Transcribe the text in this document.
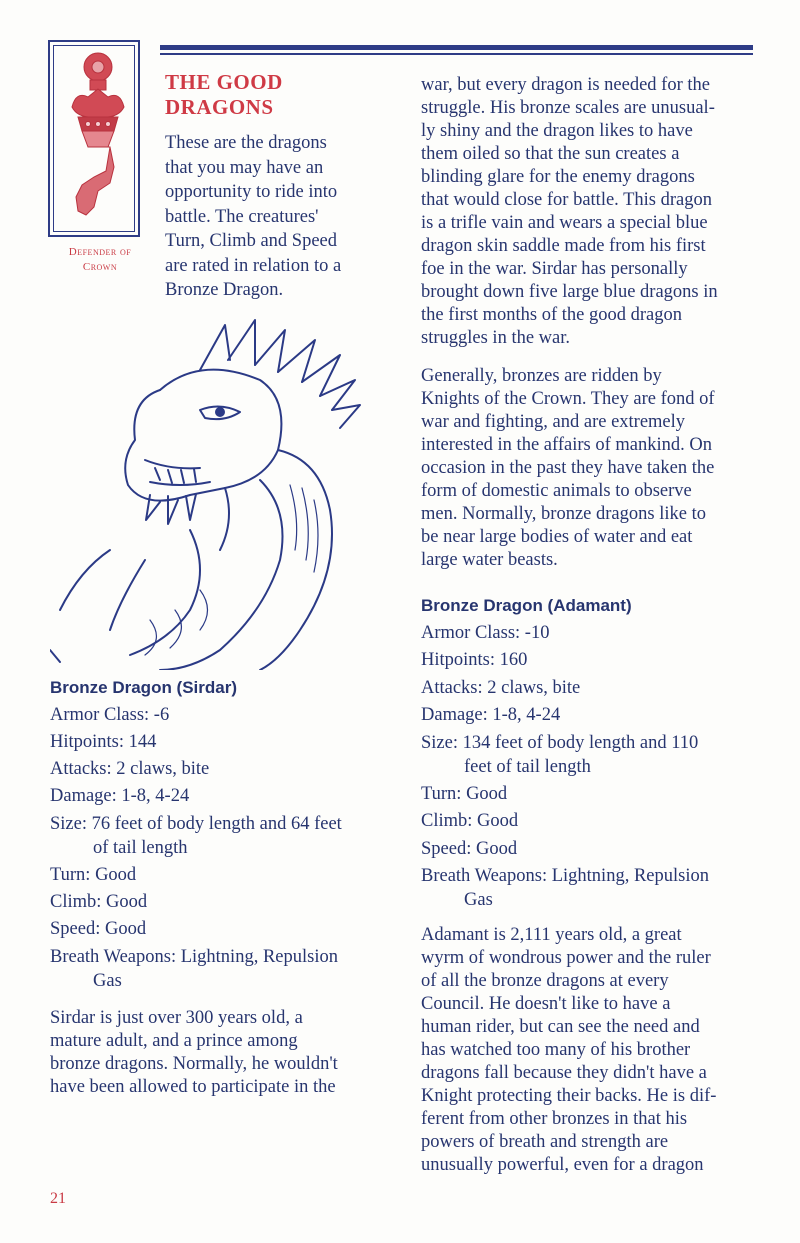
Defender of
Crown
THE GOOD
DRAGONS
These are the dragons
that you may have an
opportunity to ride into
battle. The creatures'
Turn, Climb and Speed
are rated in relation to a
Bronze Dragon.
Bronze Dragon (Sirdar)
Armor Class: -6
Hitpoints: 144
Attacks: 2 claws, bite
Damage: 1-8, 4-24
Size: 76 feet of body length and 64 feet
of tail length
Turn: Good
Climb: Good
Speed: Good
Breath Weapons: Lightning, Repulsion
Gas
Sirdar is just over 300 years old, a
mature adult, and a prince among
bronze dragons. Normally, he wouldn't
have been allowed to participate in the
war, but every dragon is needed for the
struggle. His bronze scales are unusual-
ly shiny and the dragon likes to have
them oiled so that the sun creates a
blinding glare for the enemy dragons
that would close for battle. This dragon
is a trifle vain and wears a special blue
dragon skin saddle made from his first
foe in the war. Sirdar has personally
brought down five large blue dragons in
the first months of the good dragon
struggles in the war.
Generally, bronzes are ridden by
Knights of the Crown. They are fond of
war and fighting, and are extremely
interested in the affairs of mankind. On
occasion in the past they have taken the
form of domestic animals to observe
men. Normally, bronze dragons like to
be near large bodies of water and eat
large water beasts.
Bronze Dragon (Adamant)
Armor Class: -10
Hitpoints: 160
Attacks: 2 claws, bite
Damage: 1-8, 4-24
Size: 134 feet of body length and 110
feet of tail length
Turn: Good
Climb: Good
Speed: Good
Breath Weapons: Lightning, Repulsion
Gas
Adamant is 2,111 years old, a great
wyrm of wondrous power and the ruler
of all the bronze dragons at every
Council. He doesn't like to have a
human rider, but can see the need and
has watched too many of his brother
dragons fall because they didn't have a
Knight protecting their backs. He is dif-
ferent from other bronzes in that his
powers of breath and strength are
unusually powerful, even for a dragon
21
